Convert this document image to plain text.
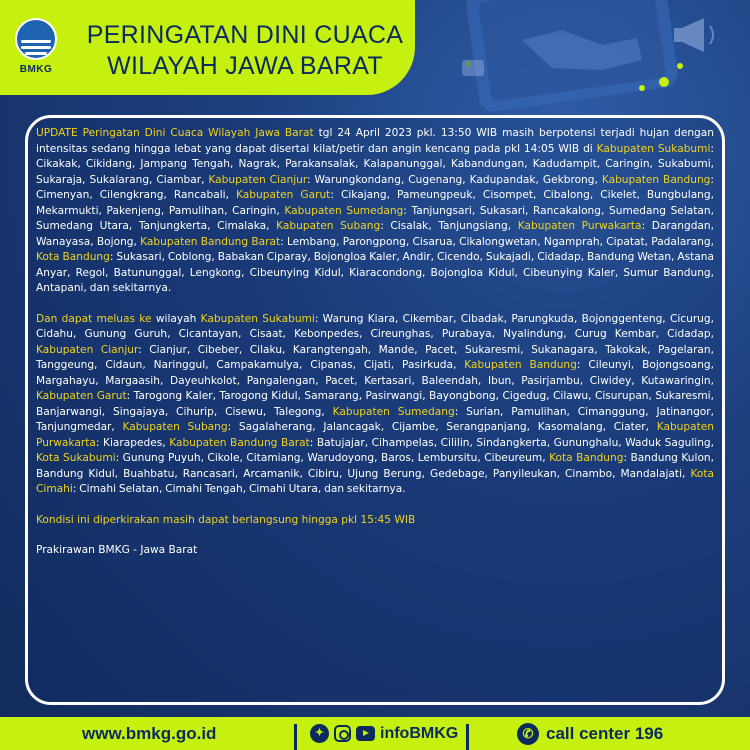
BMKG
PERINGATAN DINI CUACA
WILAYAH JAWA BARAT

UPDATE Peringatan Dini Cuaca Wilayah Jawa Barat tgl 24 April 2023 pkl. 13:50 WIB masih berpotensi terjadi hujan dengan intensitas sedang hingga lebat yang dapat disertai kilat/petir dan angin kencang pada pkl 14:05 WIB di Kabupaten Sukabumi: Cikakak, Cikidang, Jampang Tengah, Nagrak, Parakansalak, Kalapanunggal, Kabandungan, Kadudampit, Caringin, Sukabumi, Sukaraja, Sukalarang, Ciambar, Kabupaten Cianjur: Warungkondang, Cugenang, Kadupandak, Gekbrong, Kabupaten Bandung: Cimenyan, Cilengkrang, Rancabali, Kabupaten Garut: Cikajang, Pameungpeuk, Cisompet, Cibalong, Cikelet, Bungbulang, Mekarmukti, Pakenjeng, Pamulihan, Caringin, Kabupaten Sumedang: Tanjungsari, Sukasari, Rancakalong, Sumedang Selatan, Sumedang Utara, Tanjungkerta, Cimalaka, Kabupaten Subang: Cisalak, Tanjungsiang, Kabupaten Purwakarta: Darangdan, Wanayasa, Bojong, Kabupaten Bandung Barat: Lembang, Parongpong, Cisarua, Cikalongwetan, Ngamprah, Cipatat, Padalarang, Kota Bandung: Sukasari, Coblong, Babakan Ciparay, Bojongloa Kaler, Andir, Cicendo, Sukajadi, Cidadap, Bandung Wetan, Astana Anyar, Regol, Batununggal, Lengkong, Cibeunying Kidul, Kiaracondong, Bojongloa Kidul, Cibeunying Kaler, Sumur Bandung, Antapani, dan sekitarnya.

Dan dapat meluas ke wilayah Kabupaten Sukabumi: Warung Kiara, Cikembar, Cibadak, Parungkuda, Bojonggenteng, Cicurug, Cidahu, Gunung Guruh, Cicantayan, Cisaat, Kebonpedes, Cireunghas, Purabaya, Nyalindung, Curug Kembar, Cidadap, Kabupaten Cianjur: Cianjur, Cibeber, Cilaku, Karangtengah, Mande, Pacet, Sukaresmi, Sukanagara, Takokak, Pagelaran, Tanggeung, Cidaun, Naringgul, Campakamulya, Cipanas, Cijati, Pasirkuda, Kabupaten Bandung: Cileunyi, Bojongsoang, Margahayu, Margaasih, Dayeuhkolot, Pangalengan, Pacet, Kertasari, Baleendah, Ibun, Pasirjambu, Ciwidey, Kutawaringin, Kabupaten Garut: Tarogong Kaler, Tarogong Kidul, Samarang, Pasirwangi, Bayongbong, Cigedug, Cilawu, Cisurupan, Sukaresmi, Banjarwangi, Singajaya, Cihurip, Cisewu, Talegong, Kabupaten Sumedang: Surian, Pamulihan, Cimanggung, Jatinangor, Tanjungmedar, Kabupaten Subang: Sagalaherang, Jalancagak, Cijambe, Serangpanjang, Kasomalang, Ciater, Kabupaten Purwakarta: Kiarapedes, Kabupaten Bandung Barat: Batujajar, Cihampelas, Cililin, Sindangkerta, Gununghalu, Waduk Saguling, Kota Sukabumi: Gunung Puyuh, Cikole, Citamiang, Warudoyong, Baros, Lembursitu, Cibeureum, Kota Bandung: Bandung Kulon, Bandung Kidul, Buahbatu, Rancasari, Arcamanik, Cibiru, Ujung Berung, Gedebage, Panyileukan, Cinambo, Mandalajati, Kota Cimahi: Cimahi Selatan, Cimahi Tengah, Cimahi Utara, dan sekitarnya.

Kondisi ini diperkirakan masih dapat berlangsung hingga pkl 15:45 WIB

Prakirawan BMKG - Jawa Barat

www.bmkg.go.id	✦	infoBMKG	✆ call center 196
